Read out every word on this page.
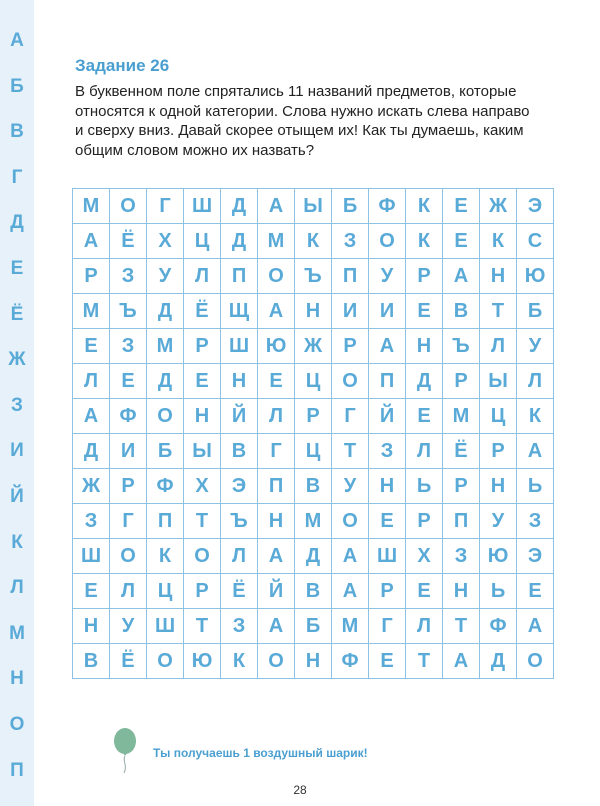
А
Б
В
Г
Д
Е
Ё
Ж
З
И
Й
К
Л
М
Н
О
П
Задание 26
В буквенном поле спрятались 11 названий предметов, которые
относятся к одной категории. Слова нужно искать слева направо
и сверху вниз. Давай скорее отыщем их! Как ты думаешь, каким
общим словом можно их назвать?
М	О	Г	Ш	Д	А	Ы	Б	Ф	К	Е	Ж	Э
А	Ё	Х	Ц	Д	М	К	З	О	К	Е	К	С
Р	З	У	Л	П	О	Ъ	П	У	Р	А	Н	Ю
М	Ъ	Д	Ё	Щ	А	Н	И	И	Е	В	Т	Б
Е	З	М	Р	Ш	Ю	Ж	Р	А	Н	Ъ	Л	У
Л	Е	Д	Е	Н	Е	Ц	О	П	Д	Р	Ы	Л
А	Ф	О	Н	Й	Л	Р	Г	Й	Е	М	Ц	К
Д	И	Б	Ы	В	Г	Ц	Т	З	Л	Ё	Р	А
Ж	Р	Ф	Х	Э	П	В	У	Н	Ь	Р	Н	Ь
З	Г	П	Т	Ъ	Н	М	О	Е	Р	П	У	З
Ш	О	К	О	Л	А	Д	А	Ш	Х	З	Ю	Э
Е	Л	Ц	Р	Ё	Й	В	А	Р	Е	Н	Ь	Е
Н	У	Ш	Т	З	А	Б	М	Г	Л	Т	Ф	А
В	Ё	О	Ю	К	О	Н	Ф	Е	Т	А	Д	О
Ты получаешь 1 воздушный шарик!
28
